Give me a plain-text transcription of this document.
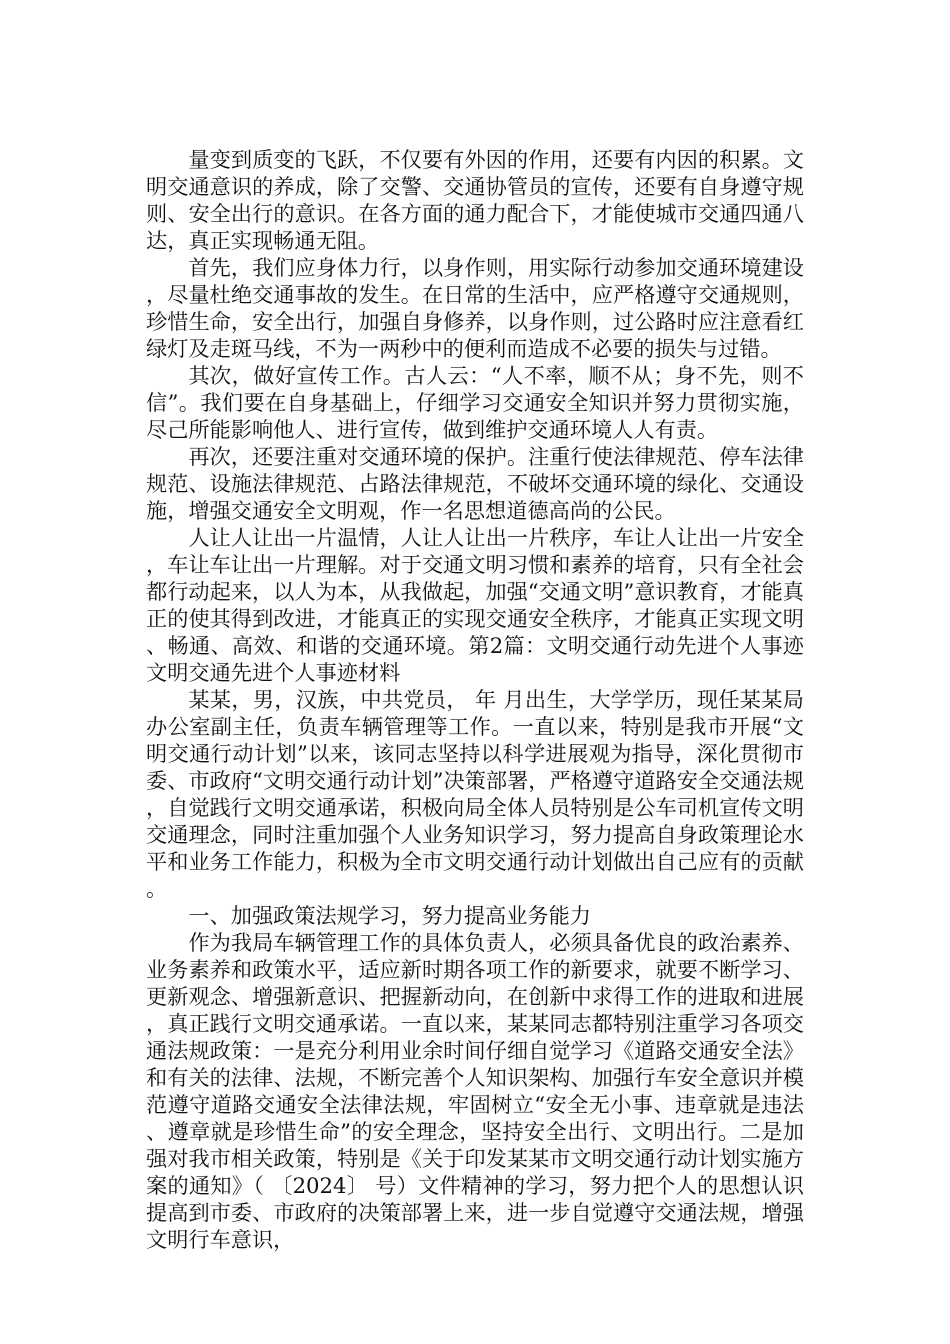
量变到质变的飞跃，不仅要有外因的作用，还要有内因的积累。文明交通意识的养成，除了交警、交通协管员的宣传，还要有自身遵守规则、安全出行的意识。在各方面的通力配合下，才能使城市交通四通八达，真正实现畅通无阻。

首先，我们应身体力行，以身作则，用实际行动参加交通环境建设，尽量杜绝交通事故的发生。在日常的生活中，应严格遵守交通规则，珍惜生命，安全出行，加强自身修养，以身作则，过公路时应注意看红绿灯及走斑马线，不为一两秒中的便利而造成不必要的损失与过错。

其次，做好宣传工作。古人云：“人不率，顺不从；身不先，则不信”。我们要在自身基础上，仔细学习交通安全知识并努力贯彻实施，尽己所能影响他人、进行宣传，做到维护交通环境人人有责。

再次，还要注重对交通环境的保护。注重行使法律规范、停车法律规范、设施法律规范、占路法律规范，不破坏交通环境的绿化、交通设施，增强交通安全文明观，作一名思想道德高尚的公民。

人让人让出一片温情，人让人让出一片秩序，车让人让出一片安全，车让车让出一片理解。对于交通文明习惯和素养的培育，只有全社会都行动起来，以人为本，从我做起，加强“交通文明”意识教育，才能真正的使其得到改进，才能真正的实现交通安全秩序，才能真正实现文明、畅通、高效、和谐的交通环境。第2篇：文明交通行动先进个人事迹文明交通先进个人事迹材料

某某，男，汉族，中共党员， 年 月出生，大学学历，现任某某局办公室副主任，负责车辆管理等工作。一直以来，特别是我市开展“文明交通行动计划”以来，该同志坚持以科学进展观为指导，深化贯彻市委、市政府“文明交通行动计划”决策部署，严格遵守道路安全交通法规，自觉践行文明交通承诺，积极向局全体人员特别是公车司机宣传文明交通理念，同时注重加强个人业务知识学习，努力提高自身政策理论水平和业务工作能力，积极为全市文明交通行动计划做出自己应有的贡献。

一、加强政策法规学习，努力提高业务能力

作为我局车辆管理工作的具体负责人，必须具备优良的政治素养、业务素养和政策水平，适应新时期各项工作的新要求，就要不断学习、更新观念、增强新意识、把握新动向，在创新中求得工作的进取和进展，真正践行文明交通承诺。一直以来，某某同志都特别注重学习各项交通法规政策：一是充分利用业余时间仔细自觉学习《道路交通安全法》和有关的法律、法规，不断完善个人知识架构、加强行车安全意识并模范遵守道路交通安全法律法规，牢固树立“安全无小事、违章就是违法、遵章就是珍惜生命”的安全理念，坚持安全出行、文明出行。二是加强对我市相关政策，特别是《关于印发某某市文明交通行动计划实施方案的通知》（ 〔2024〕 号）文件精神的学习，努力把个人的思想认识提高到市委、市政府的决策部署上来，进一步自觉遵守交通法规，增强文明行车意识，
